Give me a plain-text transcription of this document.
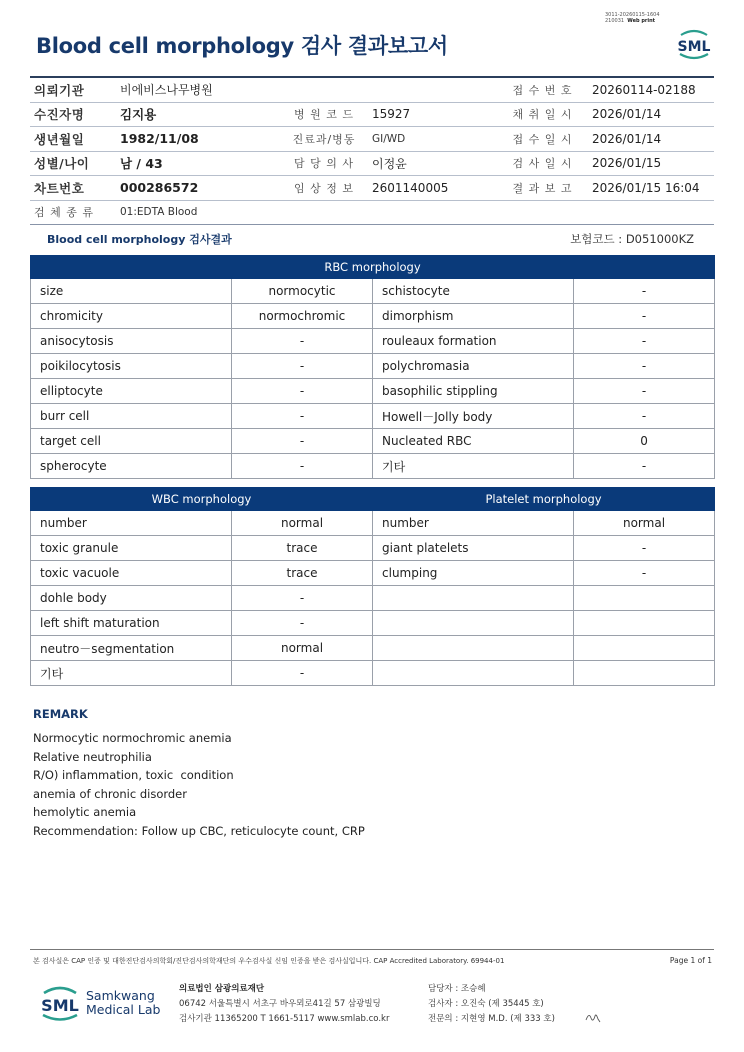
Blood cell morphology 검사 결과보고서
3011-20260115-1604
210031 Web print
SML
의뢰기관	비에비스나무병원			접 수 번 호	20260114-02188
수진자명	김지용	병 원 코 드	15927	채 취 일 시	2026/01/14
생년월일	1982/11/08	진료과/병동	GI/WD	접 수 일 시	2026/01/14
성별/나이	남 / 43	담 당 의 사	이정윤	검 사 일 시	2026/01/15
차트번호	000286572	임 상 정 보	2601140005	결 과 보 고	2026/01/15 16:04
검 체 종 류	01:EDTA Blood				
Blood cell morphology 검사결과	보험코드 : D051000KZ
RBC morphology			
size	normocytic	schistocyte	-
chromicity	normochromic	dimorphism	-
anisocytosis	-	rouleaux formation	-
poikilocytosis	-	polychromasia	-
elliptocyte	-	basophilic stippling	-
burr cell	-	Howell－Jolly body	-
target cell	-	Nucleated RBC	0
spherocyte	-	기타	-
WBC morphology		Platelet morphology	
number	normal	number	normal
toxic granule	trace	giant platelets	-
toxic vacuole	trace	clumping	-
dohle body	-		
left shift maturation	-		
neutro－segmentation	normal		
기타	-		
REMARK
Normocytic normochromic anemia
Relative neutrophilia
R/O) inflammation, toxic  condition
anemia of chronic disorder
hemolytic anemia
Recommendation: Follow up CBC, reticulocyte count, CRP
본 검사실은 CAP 인증 및 대한진단검사의학회/진단검사의학재단의 우수검사실 신임 인증을 받은 검사실입니다. CAP Accredited Laboratory. 69944-01	Page 1 of 1
SML
Samkwang
Medical Lab
의료법인 삼광의료재단
06742 서울특별시 서초구 바우뫼로41길 57 삼광빌딩
검사기관 11365200 T 1661-5117 www.smlab.co.kr
담당자 : 조승혜
검사자 : 오진숙 (제 35445 호)
전문의 : 지현영 M.D. (제 333 호)
